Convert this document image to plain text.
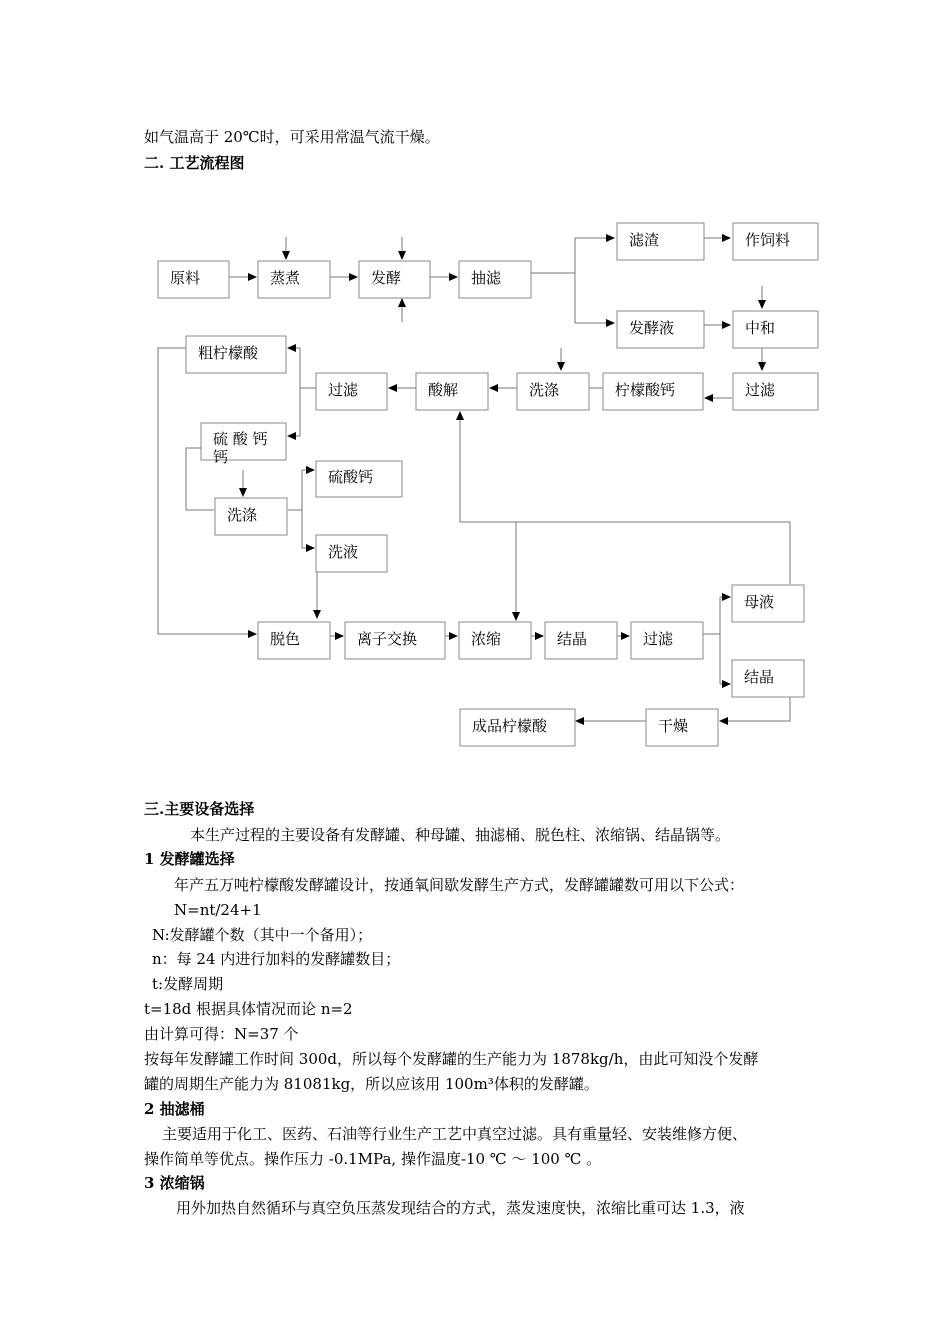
如气温高于 20℃时，可采用常温气流干燥。
二. 工艺流程图
原料	蒸煮	发酵	抽滤
滤渣	作饲料
发酵液	中和
过滤
柠檬酸钙
洗涤
酸解
过滤
粗柠檬酸
硫 酸 钙
钙
洗涤
硫酸钙
洗液
脱色	离子交换	浓缩	结晶	过滤
母液
结晶
干燥
成品柠檬酸
三.主要设备选择
本生产过程的主要设备有发酵罐、种母罐、抽滤桶、脱色柱、浓缩锅、结晶锅等。
1 发酵罐选择
年产五万吨柠檬酸发酵罐设计，按通氧间歇发酵生产方式，发酵罐罐数可用以下公式：
N=nt/24+1
N:发酵罐个数（其中一个备用）；
n：每 24 内进行加料的发酵罐数目；
t:发酵周期
t=18d 根据具体情况而论 n=2
由计算可得：N=37 个
按每年发酵罐工作时间 300d，所以每个发酵罐的生产能力为 1878kg/h，由此可知没个发酵
罐的周期生产能力为 81081kg，所以应该用 100m³体积的发酵罐。
2 抽滤桶
主要适用于化工、医药、石油等行业生产工艺中真空过滤。具有重量轻、安装维修方便、
操作简单等优点。操作压力 -0.1MPa, 操作温度-10 ℃ ～ 100 ℃ 。
3 浓缩锅
用外加热自然循环与真空负压蒸发现结合的方式，蒸发速度快，浓缩比重可达 1.3，液
